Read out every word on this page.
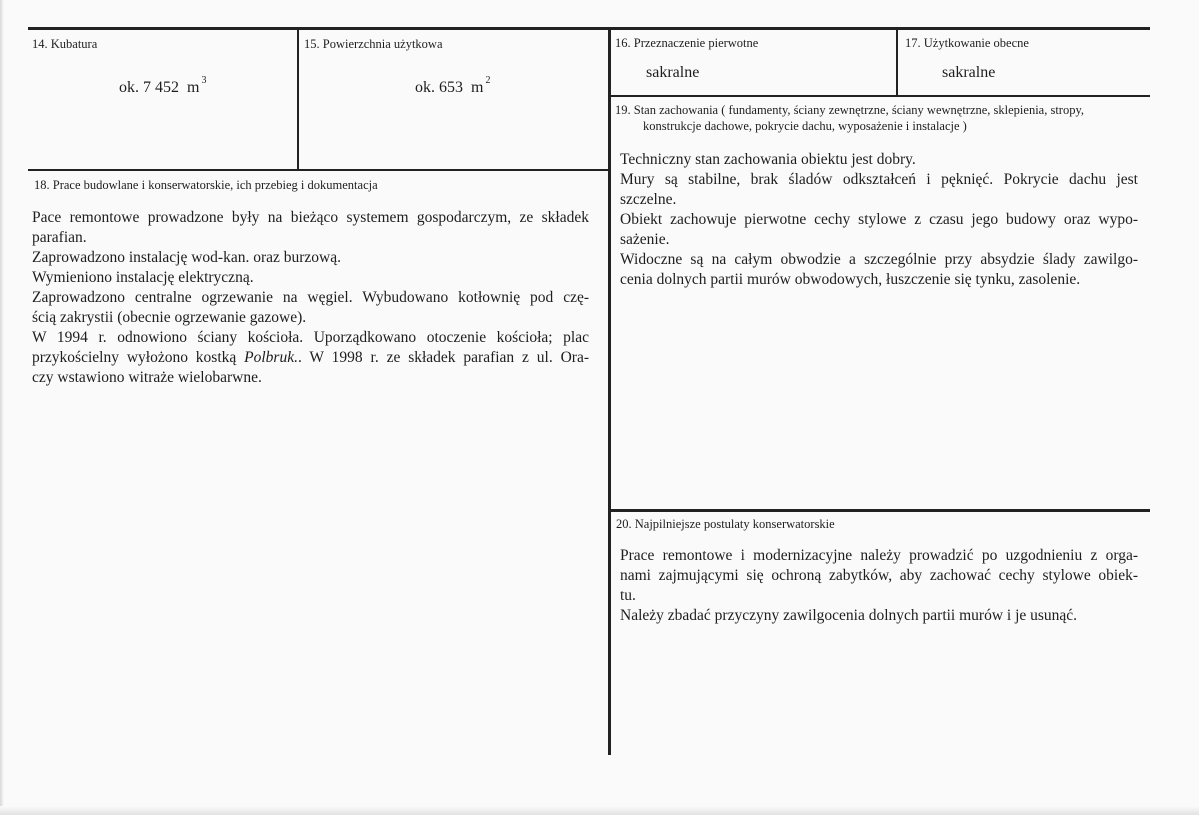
14. Kubatura
ok. 7 452 m $^3$
15. Powierzchnia użytkowa
ok. 653 m $^2$
16. Przeznaczenie pierwotne
sakralne
17. Użytkowanie obecne
sakralne
19. Stan zachowania ( fundamenty, ściany zewnętrzne, ściany wewnętrzne, sklepienia, stropy,
konstrukcje dachowe, pokrycie dachu, wyposażenie i instalacje )
Techniczny stan zachowania obiektu jest dobry.
Mury są stabilne, brak śladów odkształceń i pęknięć. Pokrycie dachu jest
szczelne.
Obiekt zachowuje pierwotne cechy stylowe z czasu jego budowy oraz wypo-
sażenie.
Widoczne są na całym obwodzie a szczególnie przy absydzie ślady zawilgo-
cenia dolnych partii murów obwodowych, łuszczenie się tynku, zasolenie.
18. Prace budowlane i konserwatorskie, ich przebieg i dokumentacja
Pace remontowe prowadzone były na bieżąco systemem gospodarczym, ze składek
parafian.
Zaprowadzono instalację wod-kan. oraz burzową.
Wymieniono instalację elektryczną.
Zaprowadzono centralne ogrzewanie na węgiel. Wybudowano kotłownię pod czę-
ścią zakrystii (obecnie ogrzewanie gazowe).
W 1994 r. odnowiono ściany kościoła. Uporządkowano otoczenie kościoła; plac
przykościelny wyłożono kostką Polbruk.. W 1998 r. ze składek parafian z ul. Ora-
czy wstawiono witraże wielobarwne.
20. Najpilniejsze postulaty konserwatorskie
Prace remontowe i modernizacyjne należy prowadzić po uzgodnieniu z orga-
nami zajmującymi się ochroną zabytków, aby zachować cechy stylowe obiek-
tu.
Należy zbadać przyczyny zawilgocenia dolnych partii murów i je usunąć.
